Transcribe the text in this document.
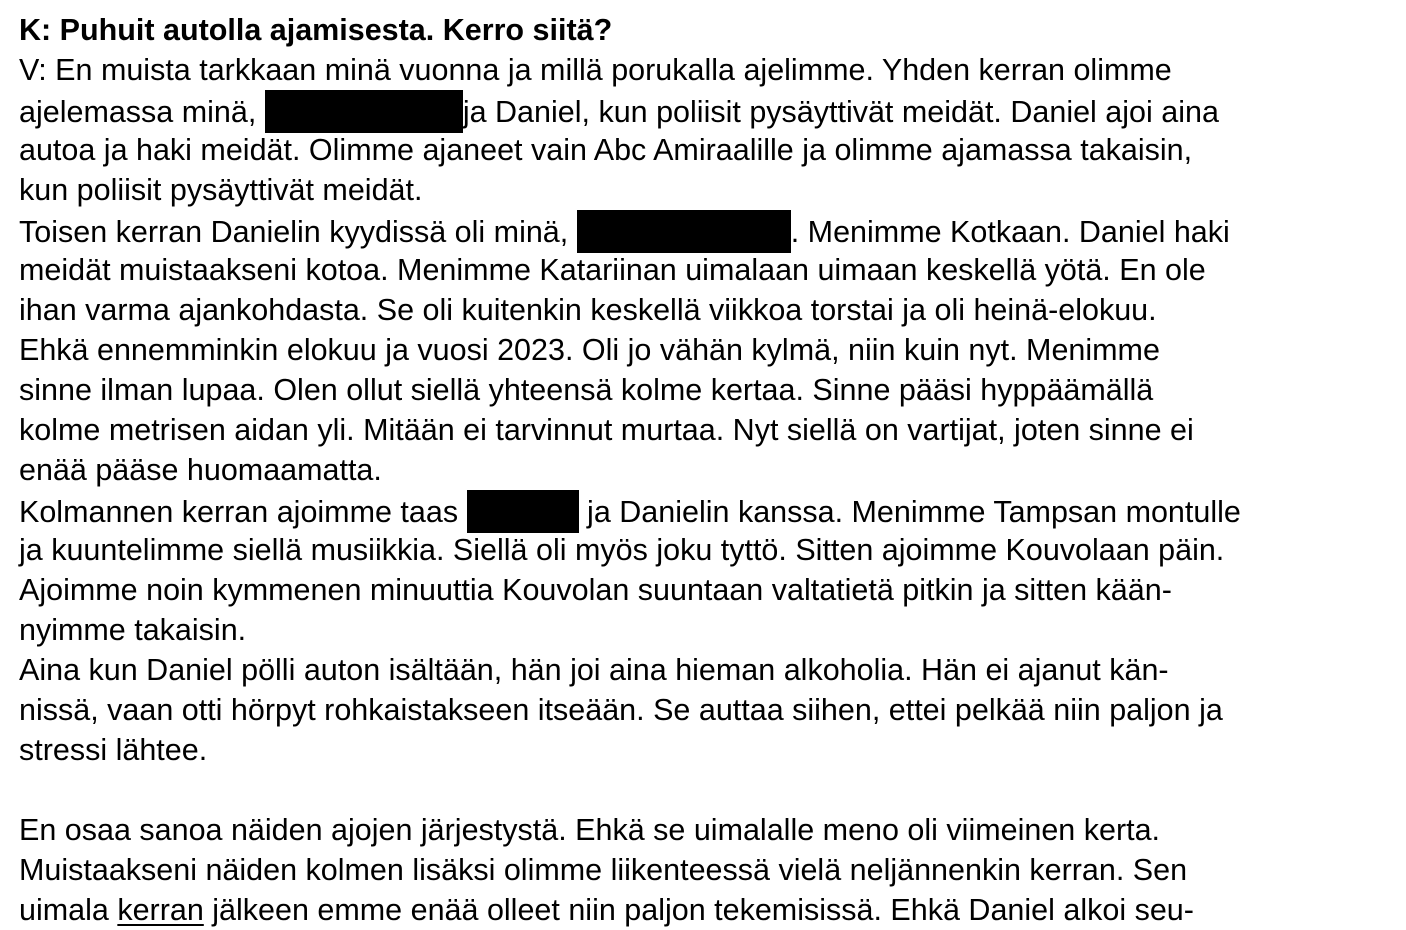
K: Puhuit autolla ajamisesta. Kerro siitä?
V: En muista tarkkaan minä vuonna ja millä porukalla ajelimme. Yhden kerran olimme
ajelemassa minä,	ja Daniel, kun poliisit pysäyttivät meidät. Daniel ajoi aina
autoa ja haki meidät. Olimme ajaneet vain Abc Amiraalille ja olimme ajamassa takaisin,
kun poliisit pysäyttivät meidät.
Toisen kerran Danielin kyydissä oli minä,	. Menimme Kotkaan. Daniel haki
meidät muistaakseni kotoa. Menimme Katariinan uimalaan uimaan keskellä yötä. En ole
ihan varma ajankohdasta. Se oli kuitenkin keskellä viikkoa torstai ja oli heinä-elokuu.
Ehkä ennemminkin elokuu ja vuosi 2023. Oli jo vähän kylmä, niin kuin nyt. Menimme
sinne ilman lupaa. Olen ollut siellä yhteensä kolme kertaa. Sinne pääsi hyppäämällä
kolme metrisen aidan yli. Mitään ei tarvinnut murtaa. Nyt siellä on vartijat, joten sinne ei
enää pääse huomaamatta.
Kolmannen kerran ajoimme taas	ja Danielin kanssa. Menimme Tampsan montulle
ja kuuntelimme siellä musiikkia. Siellä oli myös joku tyttö. Sitten ajoimme Kouvolaan päin.
Ajoimme noin kymmenen minuuttia Kouvolan suuntaan valtatietä pitkin ja sitten kään-
nyimme takaisin.
Aina kun Daniel pölli auton isältään, hän joi aina hieman alkoholia. Hän ei ajanut kän-
nissä, vaan otti hörpyt rohkaistakseen itseään. Se auttaa siihen, ettei pelkää niin paljon ja
stressi lähtee.
En osaa sanoa näiden ajojen järjestystä. Ehkä se uimalalle meno oli viimeinen kerta.
Muistaakseni näiden kolmen lisäksi olimme liikenteessä vielä neljännenkin kerran. Sen
uimala kerran jälkeen emme enää olleet niin paljon tekemisissä. Ehkä Daniel alkoi seu-
